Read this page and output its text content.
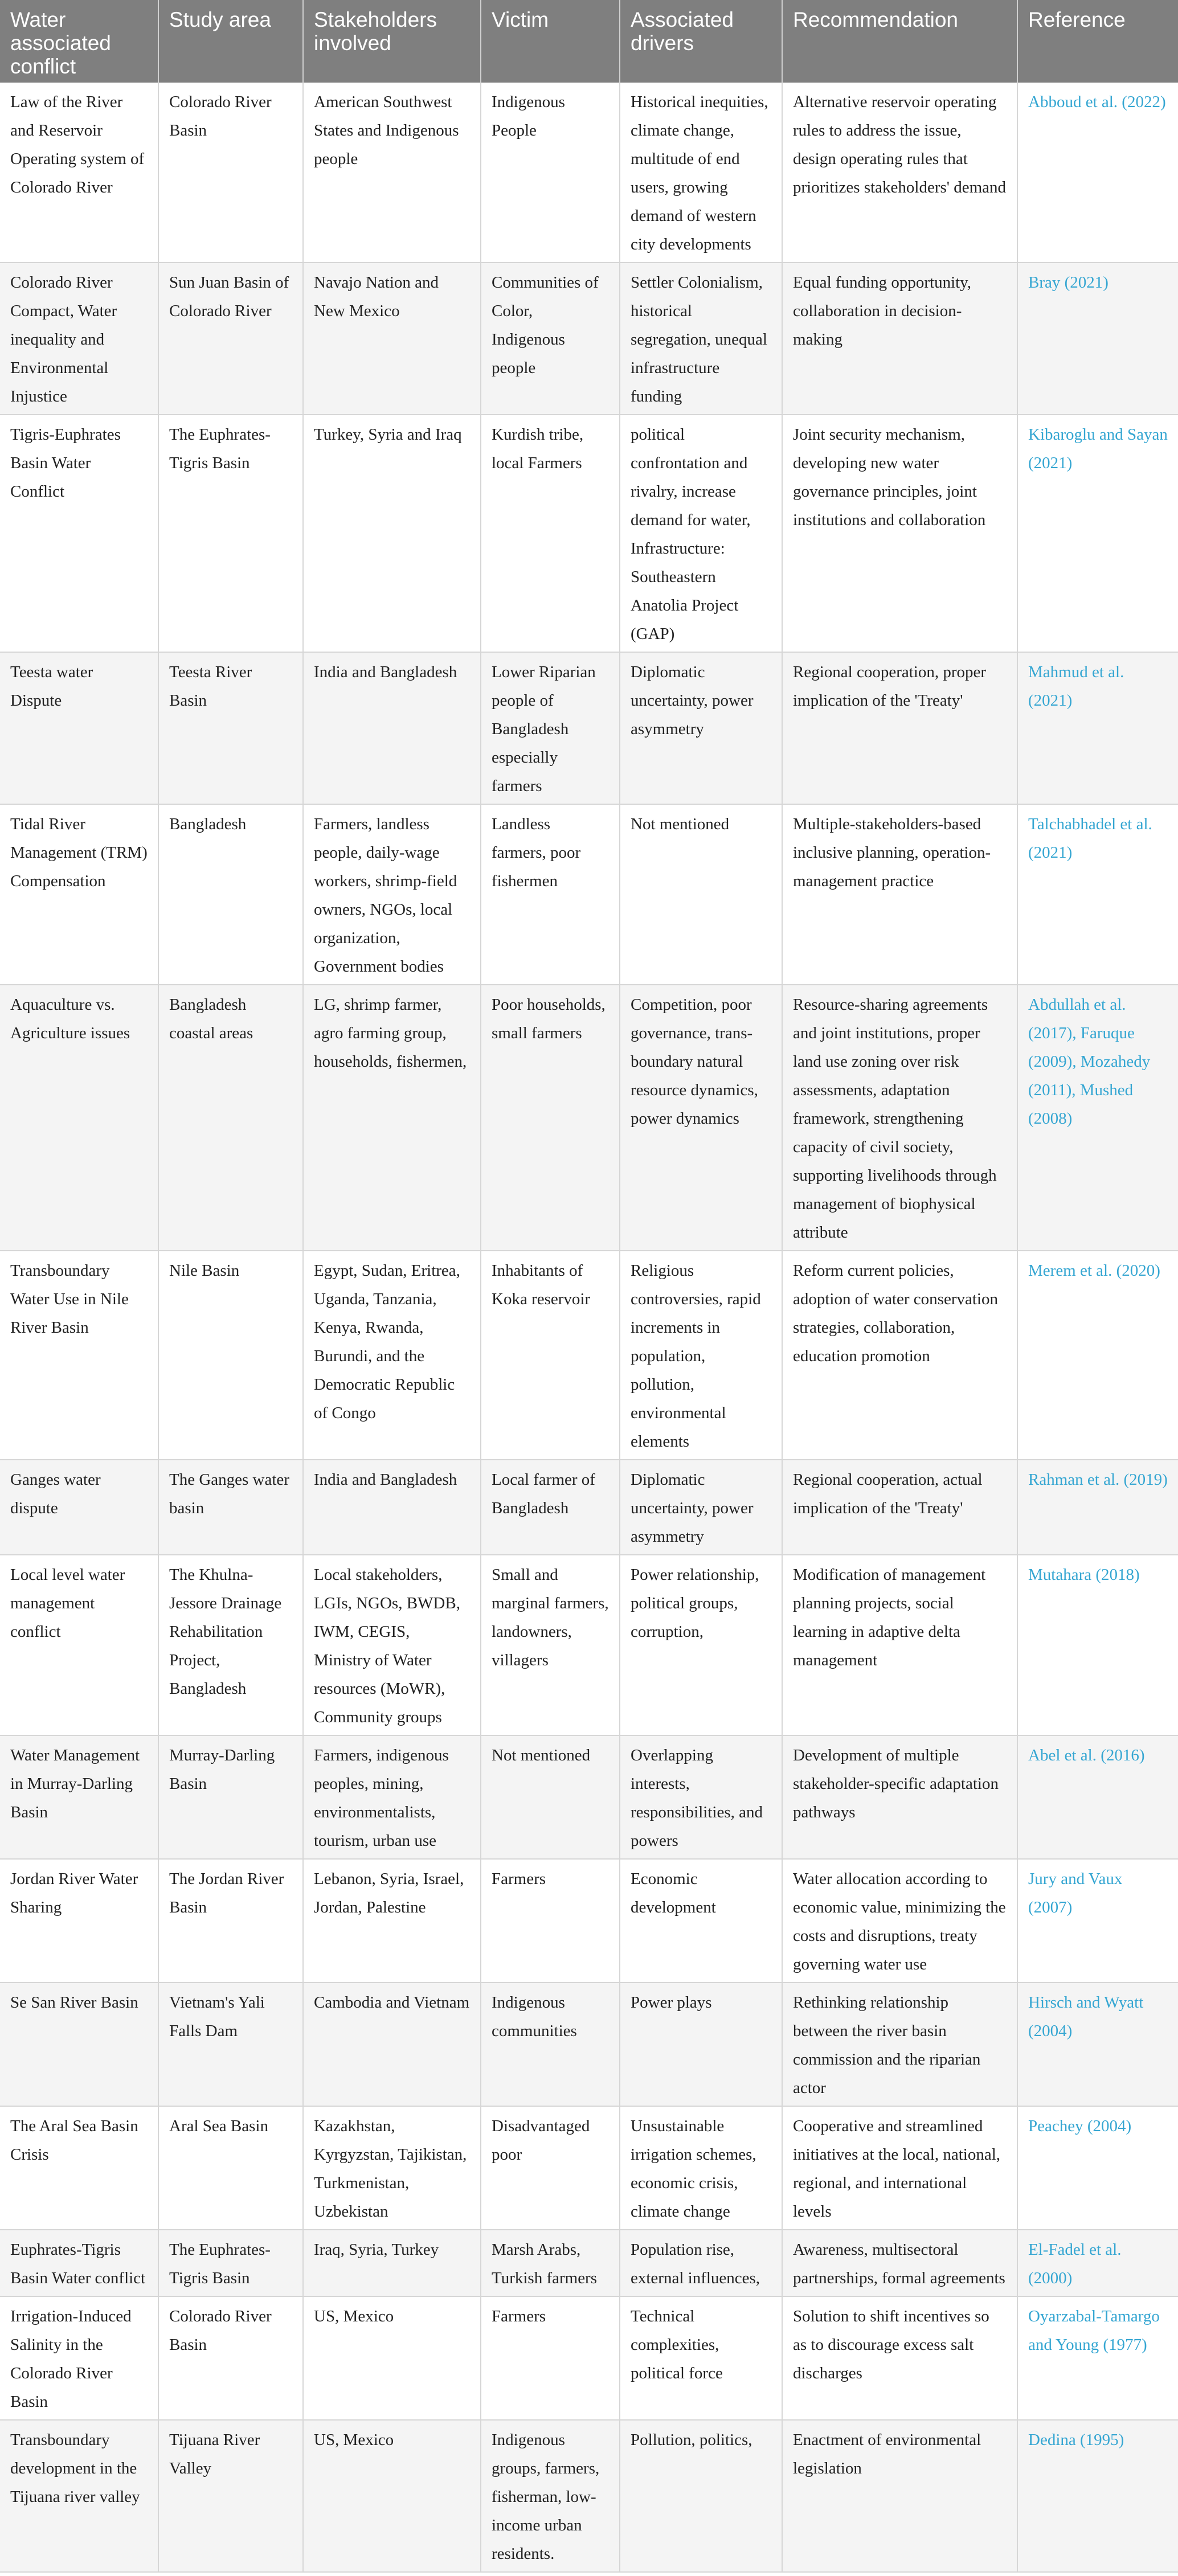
Water associated conflict	Study area	Stakeholders involved	Victim	Associated drivers	Recommendation	Reference
Law of the River and Reservoir Operating system of Colorado River	Colorado River Basin	American Southwest States and Indigenous people	Indigenous People	Historical inequities, climate change, multitude of end users, growing demand of western city developments	Alternative reservoir operating rules to address the issue, design operating rules that prioritizes stakeholders' demand	Abboud et al. (2022)
Colorado River Compact, Water inequality and Environmental Injustice	Sun Juan Basin of Colorado River	Navajo Nation and New Mexico	Communities of Color, Indigenous people	Settler Colonialism, historical segregation, unequal infrastructure funding	Equal funding opportunity, collaboration in decision-making	Bray (2021)
Tigris-Euphrates Basin Water Conflict	The Euphrates-Tigris Basin	Turkey, Syria and Iraq	Kurdish tribe, local Farmers	political confrontation and rivalry, increase demand for water, Infrastructure: Southeastern Anatolia Project (GAP)	Joint security mechanism, developing new water governance principles, joint institutions and collaboration	Kibaroglu and Sayan (2021)
Teesta water Dispute	Teesta River Basin	India and Bangladesh	Lower Riparian people of Bangladesh especially farmers	Diplomatic uncertainty, power asymmetry	Regional cooperation, proper implication of the 'Treaty'	Mahmud et al. (2021)
Tidal River Management (TRM) Compensation	Bangladesh	Farmers, landless people, daily-wage workers, shrimp-field owners, NGOs, local organization, Government bodies	Landless farmers, poor fishermen	Not mentioned	Multiple-stakeholders-based inclusive planning, operation-management practice	Talchabhadel et al. (2021)
Aquaculture vs. Agriculture issues	Bangladesh coastal areas	LG, shrimp farmer, agro farming group, households, fishermen,	Poor households, small farmers	Competition, poor governance, trans-boundary natural resource dynamics, power dynamics	Resource-sharing agreements and joint institutions, proper land use zoning over risk assessments, adaptation framework, strengthening capacity of civil society, supporting livelihoods through management of biophysical attribute	Abdullah et al. (2017), Faruque (2009), Mozahedy (2011), Mushed (2008)
Transboundary Water Use in Nile River Basin	Nile Basin	Egypt, Sudan, Eritrea, Uganda, Tanzania, Kenya, Rwanda, Burundi, and the Democratic Republic of Congo	Inhabitants of Koka reservoir	Religious controversies, rapid increments in population, pollution, environmental elements	Reform current policies, adoption of water conservation strategies, collaboration, education promotion	Merem et al. (2020)
Ganges water dispute	The Ganges water basin	India and Bangladesh	Local farmer of Bangladesh	Diplomatic uncertainty, power asymmetry	Regional cooperation, actual implication of the 'Treaty'	Rahman et al. (2019)
Local level water management conflict	The Khulna-Jessore Drainage Rehabilitation Project, Bangladesh	Local stakeholders, LGIs, NGOs, BWDB, IWM, CEGIS, Ministry of Water resources (MoWR), Community groups	Small and marginal farmers, landowners, villagers	Power relationship, political groups, corruption,	Modification of management planning projects, social learning in adaptive delta management	Mutahara (2018)
Water Management in Murray-Darling Basin	Murray-Darling Basin	Farmers, indigenous peoples, mining, environmentalists, tourism, urban use	Not mentioned	Overlapping interests, responsibilities, and powers	Development of multiple stakeholder-specific adaptation pathways	Abel et al. (2016)
Jordan River Water Sharing	The Jordan River Basin	Lebanon, Syria, Israel, Jordan, Palestine	Farmers	Economic development	Water allocation according to economic value, minimizing the costs and disruptions, treaty governing water use	Jury and Vaux (2007)
Se San River Basin	Vietnam's Yali Falls Dam	Cambodia and Vietnam	Indigenous communities	Power plays	Rethinking relationship between the river basin commission and the riparian actor	Hirsch and Wyatt (2004)
The Aral Sea Basin Crisis	Aral Sea Basin	Kazakhstan, Kyrgyzstan, Tajikistan, Turkmenistan, Uzbekistan	Disadvantaged poor	Unsustainable irrigation schemes, economic crisis, climate change	Cooperative and streamlined initiatives at the local, national, regional, and international levels	Peachey (2004)
Euphrates-Tigris Basin Water conflict	The Euphrates-Tigris Basin	Iraq, Syria, Turkey	Marsh Arabs, Turkish farmers	Population rise, external influences,	Awareness, multisectoral partnerships, formal agreements	El-Fadel et al. (2000)
Irrigation-Induced Salinity in the Colorado River Basin	Colorado River Basin	US, Mexico	Farmers	Technical complexities, political force	Solution to shift incentives so as to discourage excess salt discharges	Oyarzabal-Tamargo and Young (1977)
Transboundary development in the Tijuana river valley	Tijuana River Valley	US, Mexico	Indigenous groups, farmers, fisherman, low-income urban residents.	Pollution, politics,	Enactment of environmental legislation	Dedina (1995)
